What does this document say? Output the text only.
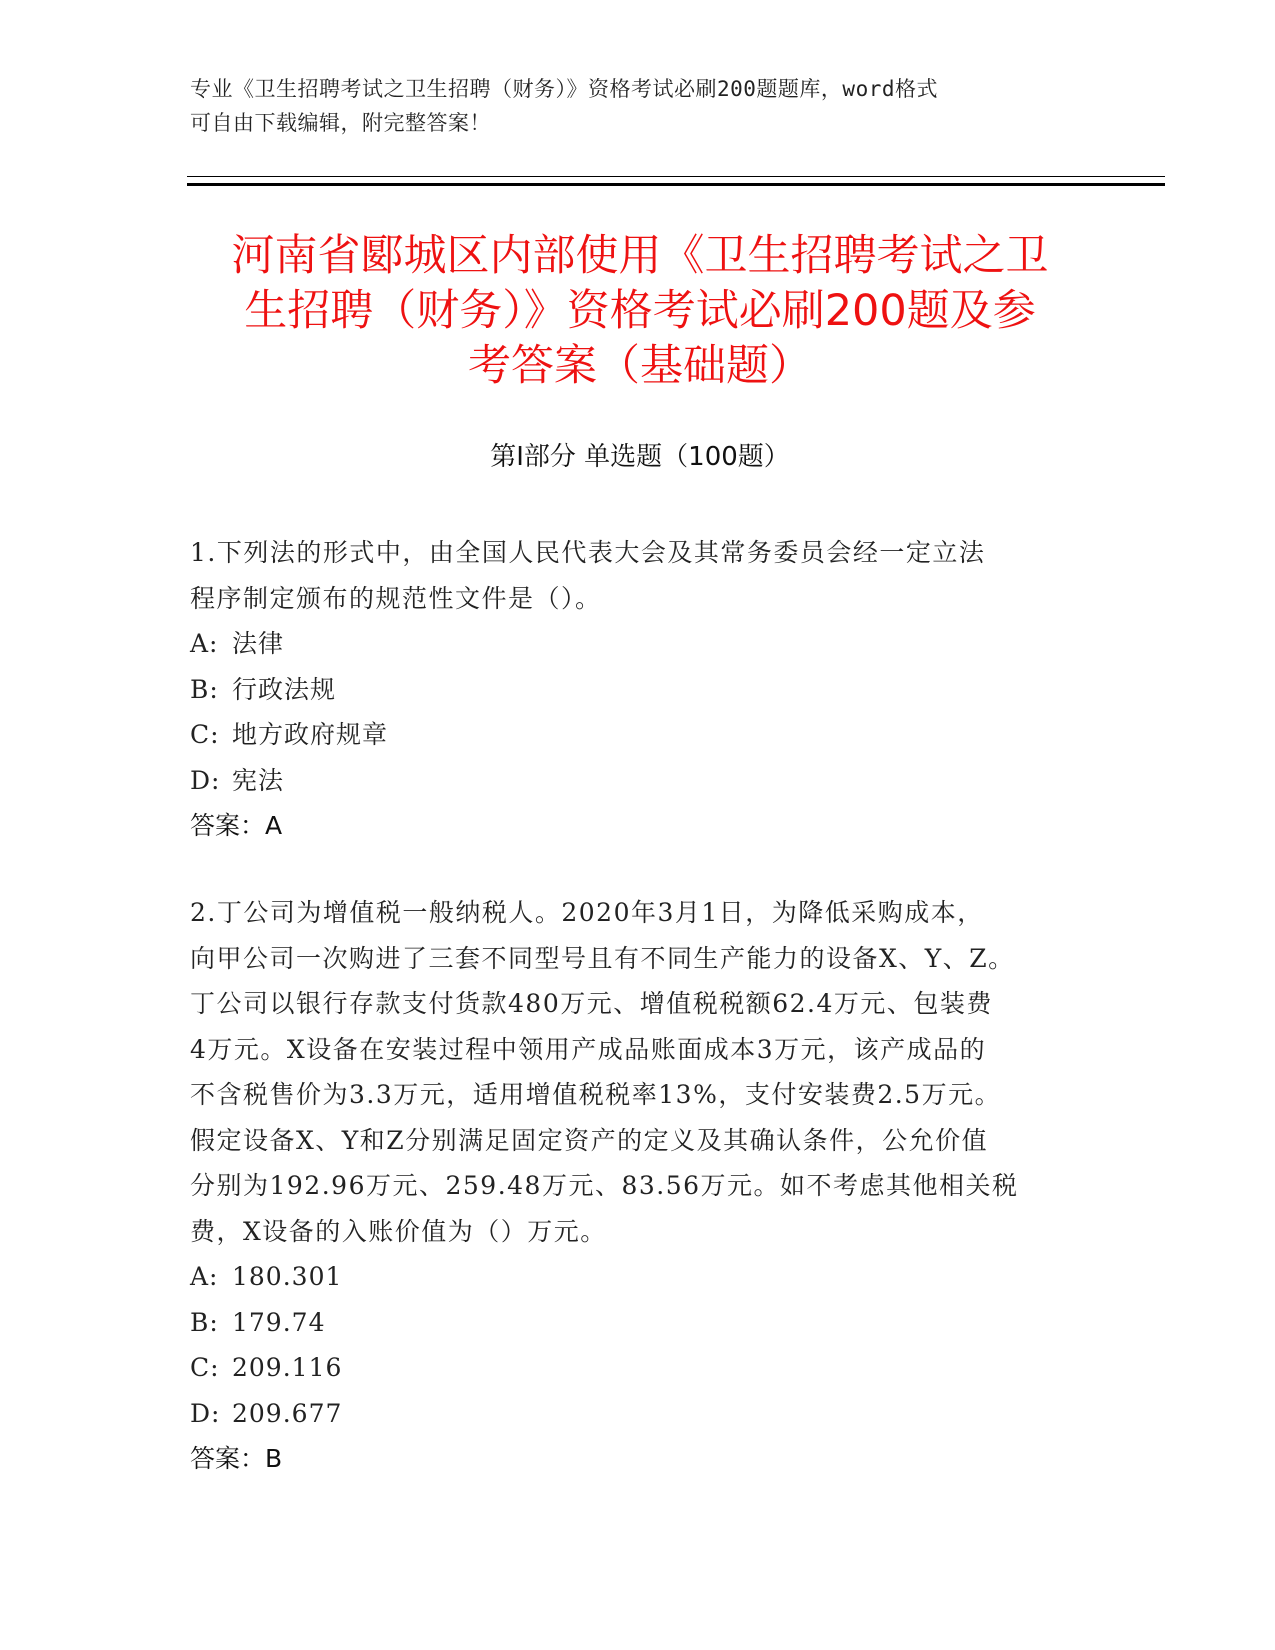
专业《卫生招聘考试之卫生招聘（财务）》资格考试必刷200题题库，word格式
可自由下载编辑，附完整答案！
河南省郾城区内部使用《卫生招聘考试之卫
生招聘（财务）》资格考试必刷200题及参
考答案（基础题）
第Ⅰ部分 单选题（100题）

1.下列法的形式中，由全国人民代表大会及其常务委员会经一定立法

程序制定颁布的规范性文件是（）。

A: 法律

B: 行政法规

C: 地方政府规章

D: 宪法

答案：A

2.丁公司为增值税一般纳税人。2020年3月1日，为降低采购成本，

向甲公司一次购进了三套不同型号且有不同生产能力的设备X、Y、Z。

丁公司以银行存款支付货款480万元、增值税税额62.4万元、包装费

4万元。X设备在安装过程中领用产成品账面成本3万元，该产成品的

不含税售价为3.3万元，适用增值税税率13%，支付安装费2.5万元。

假定设备X、Y和Z分别满足固定资产的定义及其确认条件，公允价值

分别为192.96万元、259.48万元、83.56万元。如不考虑其他相关税

费，X设备的入账价值为（）万元。

A: 180.301

B: 179.74

C: 209.116

D: 209.677

答案：B
